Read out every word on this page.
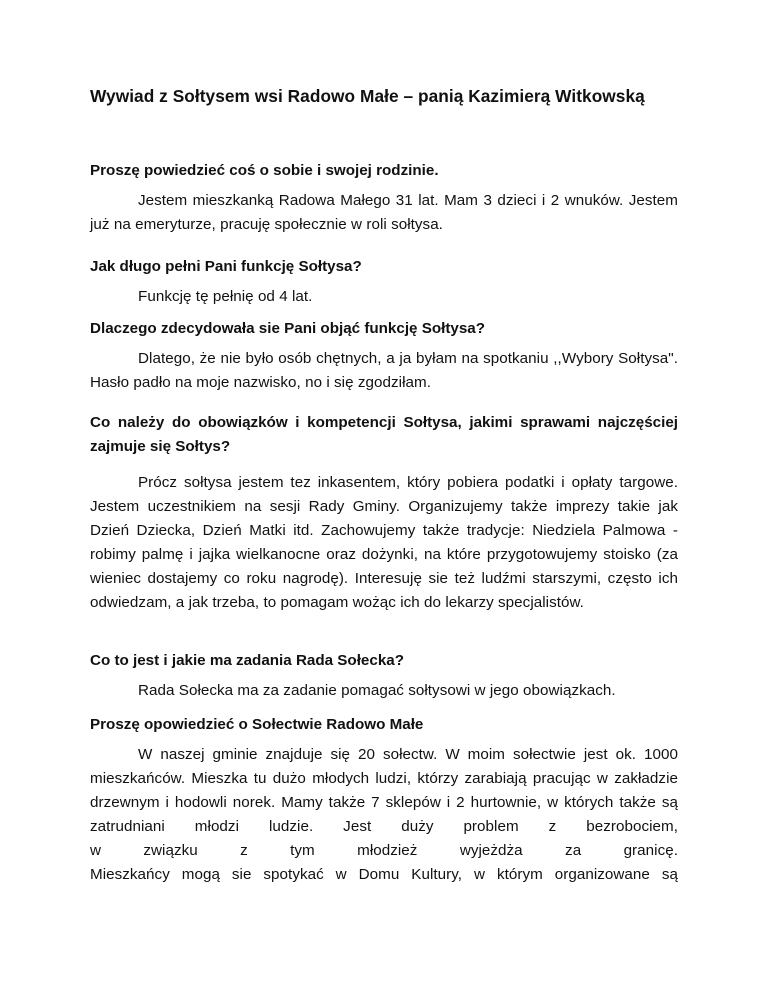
Wywiad z Sołtysem wsi Radowo Małe – panią Kazimierą Witkowską
Proszę powiedzieć coś o sobie i swojej rodzinie.
Jestem mieszkanką Radowa Małego 31 lat. Mam 3 dzieci i 2 wnuków. Jestem już na emeryturze, pracuję społecznie w roli sołtysa.
Jak długo pełni Pani funkcję Sołtysa?
Funkcję tę pełnię od 4 lat.
Dlaczego zdecydowała sie Pani objąć funkcję Sołtysa?
Dlatego, że nie było osób chętnych, a ja byłam na spotkaniu ,,Wybory Sołtysa". Hasło padło na moje nazwisko, no i się zgodziłam.
Co należy do obowiązków i kompetencji Sołtysa, jakimi sprawami najczęściej zajmuje się Sołtys?
Prócz sołtysa jestem tez inkasentem, który pobiera podatki i opłaty targowe. Jestem uczestnikiem na sesji Rady Gminy. Organizujemy także imprezy takie jak Dzień Dziecka, Dzień Matki itd. Zachowujemy także tradycje: Niedziela Palmowa - robimy palmę i jajka wielkanocne oraz dożynki, na które przygotowujemy stoisko (za wieniec dostajemy co roku nagrodę). Interesuję sie też ludźmi starszymi, często ich odwiedzam, a jak trzeba, to pomagam wożąc ich do lekarzy specjalistów.
Co to jest i jakie ma zadania Rada Sołecka?
Rada Sołecka ma za zadanie pomagać sołtysowi w jego obowiązkach.
Proszę opowiedzieć o Sołectwie Radowo Małe
W naszej gminie znajduje się 20 sołectw. W moim sołectwie jest ok. 1000 mieszkańców. Mieszka tu dużo młodych ludzi, którzy zarabiają pracując w zakładzie drzewnym i hodowli norek. Mamy także 7 sklepów i 2 hurtownie, w których także są zatrudniani młodzi ludzie. Jest duży problem z bezrobociem,
w związku z tym młodzież wyjeżdża za granicę.
Mieszkańcy mogą sie spotykać w Domu Kultury, w którym organizowane są
